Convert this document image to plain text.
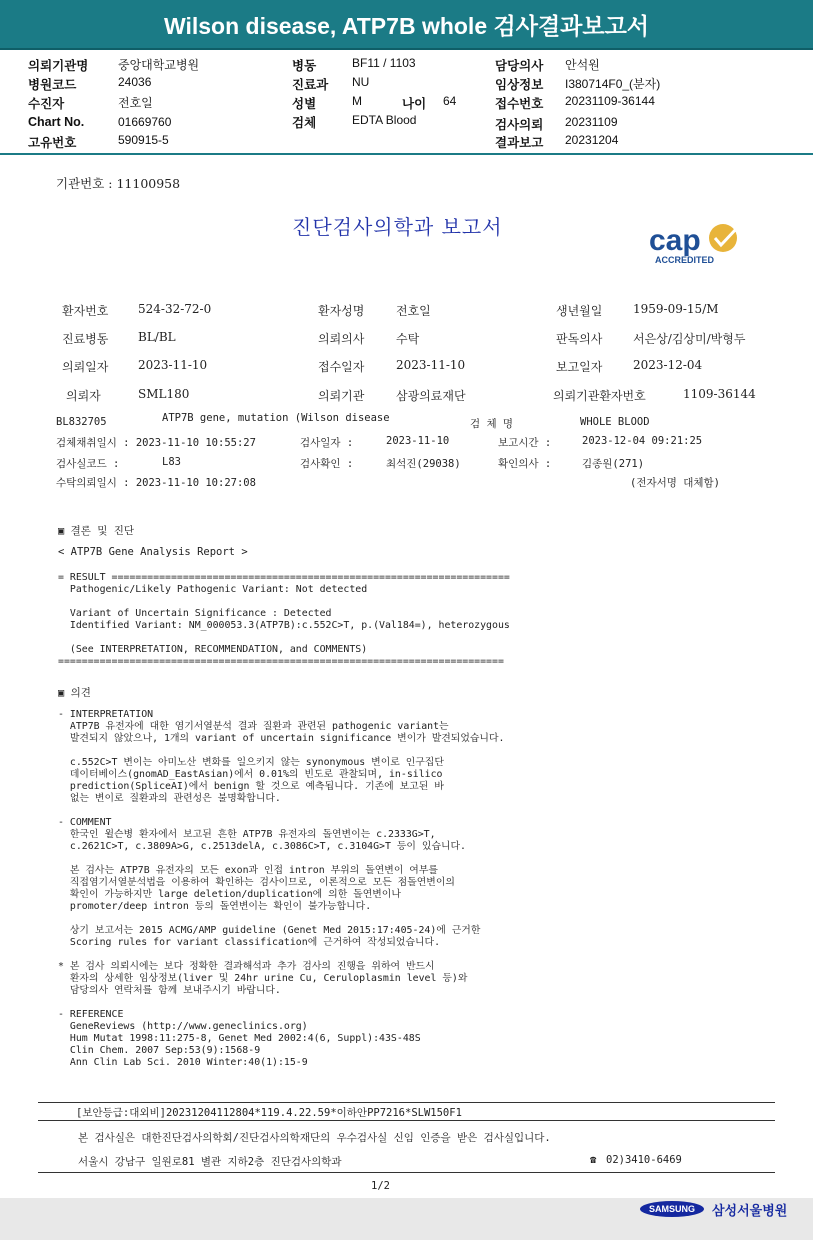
Wilson disease, ATP7B whole 검사결과보고서
의뢰기관명 중앙대학교병원
병원코드	24036
수진자	전호일
Chart No.	01669760
고유번호	590915-5
병동	BF11 / 1103
진료과 NU
성별	M	나이 64
검체	EDTA Blood
담당의사 안석원
임상정보 I380714F0_(분자)
접수번호 20231109-36144
검사의뢰 20231109
결과보고 20231204
기관번호 : 11100958
진단검사의학과 보고서	cap
ACCREDITED
환자번호 524-32-72-0	환자성명	전호일	생년월일	1959-09-15/M
진료병동 BL/BL	의뢰의사	수탁	판독의사	서은상/김상미/박형두
의뢰일자 2023-11-10	접수일자	2023-11-10	보고일자	2023-12-04
의뢰자	SML180	의뢰기관	삼광의료재단	의뢰기관환자번호	1109-36144
BL832705	ATP7B gene, mutation (Wilson disease	검 체 명	WHOLE BLOOD
검체채취일시 : 2023-11-10 10:55:27	검사일자 :	2023-11-10	보고시간 :	2023-12-04 09:21:25
검사실코드 :	L83	검사확인 :	최석진(29038)	확인의사 :	김종원(271)
수탁의뢰일시 : 2023-11-10 10:27:08	(전자서명 대체함)
▣ 결론 및 진단
< ATP7B Gene Analysis Report >
= RESULT ===================================================================
Pathogenic/Likely Pathogenic Variant: Not detected

Variant of Uncertain Significance : Detected
Identified Variant: NM_000053.3(ATP7B):c.552C>T, p.(Val184=), heterozygous

(See INTERPRETATION, RECOMMENDATION, and COMMENTS)
===========================================================================
▣ 의견
- INTERPRETATION
ATP7B 유전자에 대한 염기서열분석 결과 질환과 관련된 pathogenic variant는
발견되지 않았으나, 1개의 variant of uncertain significance 변이가 발견되었습니다.

c.552C>T 변이는 아미노산 변화를 일으키지 않는 synonymous 변이로 인구집단
데이터베이스(gnomAD_EastAsian)에서 0.01%의 빈도로 관찰되며, in-silico
prediction(SpliceAI)에서 benign 할 것으로 예측됩니다. 기존에 보고된 바
없는 변이로 질환과의 관련성은 불명확합니다.

- COMMENT
한국인 윌슨병 환자에서 보고된 흔한 ATP7B 유전자의 돌연변이는 c.2333G>T,
c.2621C>T, c.3809A>G, c.2513delA, c.3086C>T, c.3104G>T 등이 있습니다.

본 검사는 ATP7B 유전자의 모든 exon과 인접 intron 부위의 돌연변이 여부를
직접염기서열분석법을 이용하여 확인하는 검사이므로, 이론적으로 모든 점돌연변이의
확인이 가능하지만 large deletion/duplication에 의한 돌연변이나
promoter/deep intron 등의 돌연변이는 확인이 불가능합니다.

상기 보고서는 2015 ACMG/AMP guideline (Genet Med 2015:17:405-24)에 근거한
Scoring rules for variant classification에 근거하여 작성되었습니다.

* 본 검사 의뢰시에는 보다 정확한 결과해석과 추가 검사의 진행을 위하여 반드시
환자의 상세한 임상정보(liver 및 24hr urine Cu, Ceruloplasmin level 등)와
담당의사 연락처를 함께 보내주시기 바랍니다.

- REFERENCE
GeneReviews (http://www.geneclinics.org)
Hum Mutat 1998:11:275-8, Genet Med 2002:4(6, Suppl):43S-48S
Clin Chem. 2007 Sep:53(9):1568-9
Ann Clin Lab Sci. 2010 Winter:40(1):15-9
[보안등급:대외비]20231204112804*119.4.22.59*이하안PP7216*SLW150F1
본 검사실은 대한진단검사의학회/진단검사의학재단의 우수검사실 신임 인증을 받은 검사실입니다.
서울시 강남구 일원로81 별관 지하2층 진단검사의학과	☎ 02)3410-6469
1/2
SAMSUNG	삼성서울병원
